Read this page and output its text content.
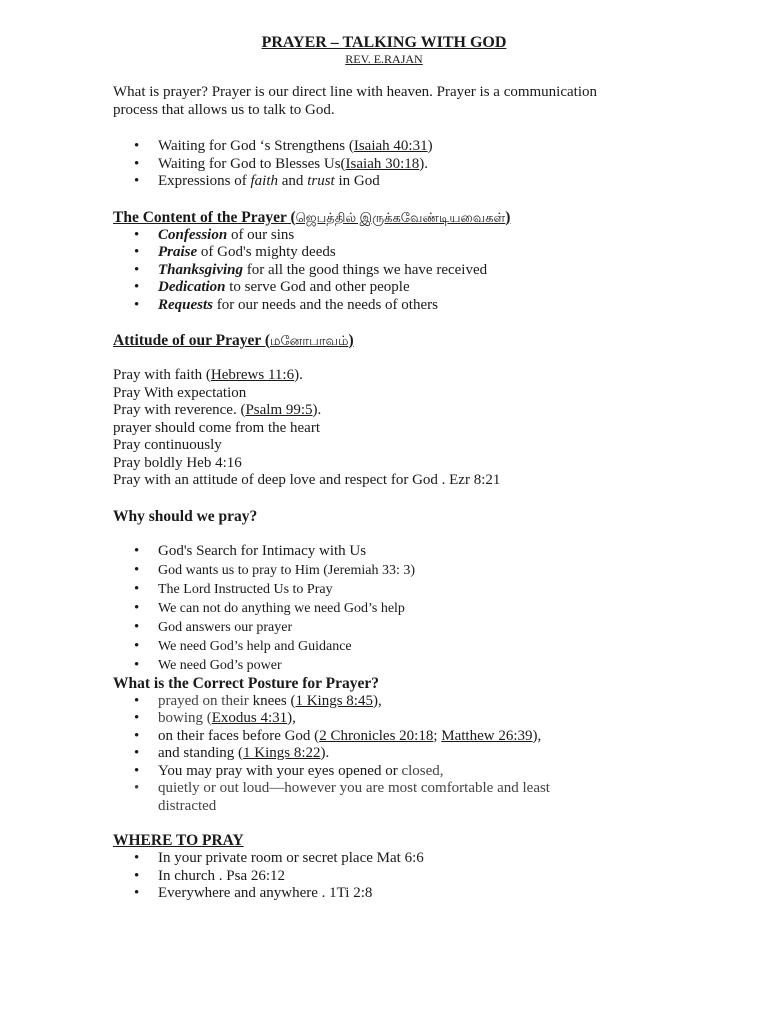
PRAYER – TALKING WITH GOD
REV. E.RAJAN

What is prayer? Prayer is our direct line with heaven. Prayer is a communication
process that allows us to talk to God.

• Waiting for God ‘s Strengthens (Isaiah 40:31)
• Waiting for God to Blesses Us(Isaiah 30:18).
• Expressions of faith and trust in God
The Content of the Prayer (ஜெபத்தில் இருக்கவேண்டியவைகள்)
• Confession of our sins
• Praise of God's mighty deeds
• Thanksgiving for all the good things we have received
• Dedication to serve God and other people
• Requests for our needs and the needs of others
Attitude of our Prayer (மனோபாவம்)

Pray with faith (Hebrews 11:6).

Pray With expectation

Pray with reverence. (Psalm 99:5).

prayer should come from the heart

Pray continuously

Pray boldly Heb 4:16

Pray with an attitude of deep love and respect for God . Ezr 8:21

Why should we pray?
• God's Search for Intimacy with Us
• God wants us to pray to Him (Jeremiah 33: 3)
• The Lord Instructed Us to Pray
• We can not do anything we need God’s help
• God answers our prayer
• We need God’s help and Guidance
• We need God’s power
What is the Correct Posture for Prayer?
• prayed on their knees (1 Kings 8:45),
• bowing (Exodus 4:31),
• on their faces before God (2 Chronicles 20:18; Matthew 26:39),
• and standing (1 Kings 8:22).
• You may pray with your eyes opened or closed,
• quietly or out loud—however you are most comfortable and least
distracted
WHERE TO PRAY
• In your private room or secret place Mat 6:6
• In church . Psa 26:12
• Everywhere and anywhere . 1Ti 2:8
